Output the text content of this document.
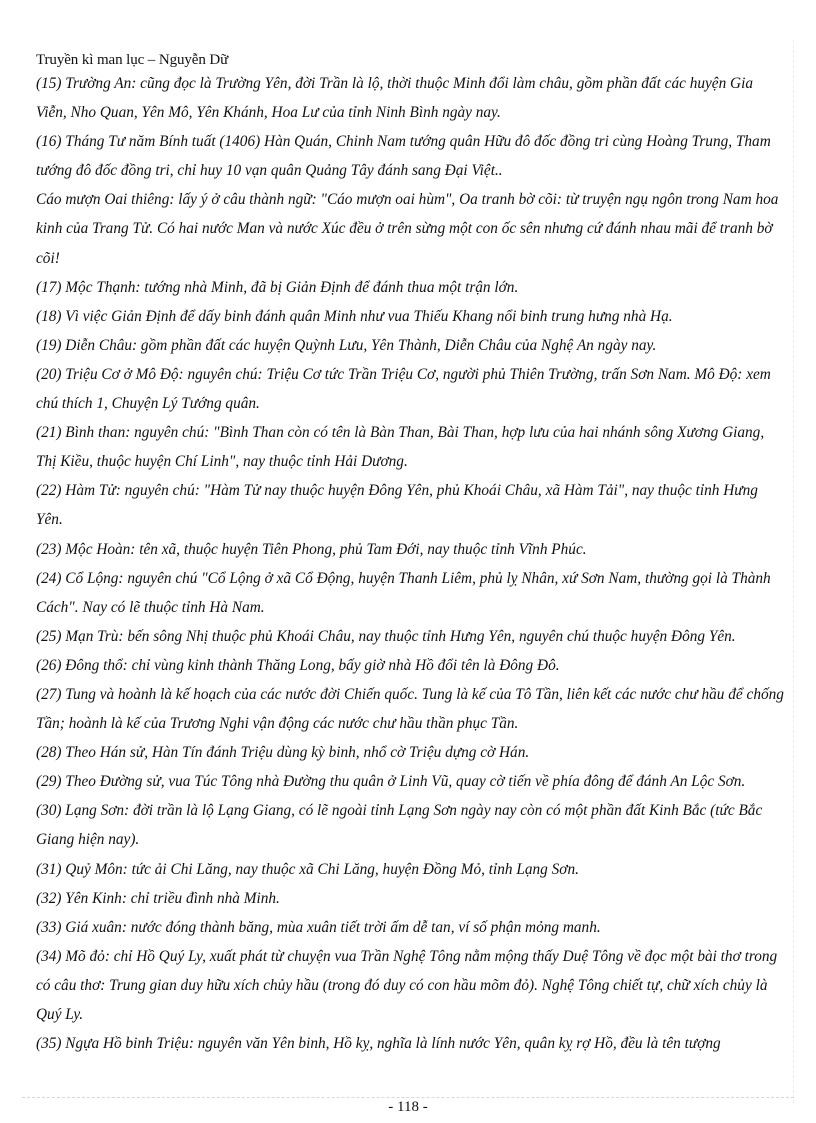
Truyền kì man lục – Nguyễn Dữ

(15) Trường An: cũng đọc là Trường Yên, đời Trần là lộ, thời thuộc Minh đổi làm châu, gồm phần đất các huyện Gia Viễn, Nho Quan, Yên Mô, Yên Khánh, Hoa Lư của tỉnh Ninh Bình ngày nay.

(16) Tháng Tư năm Bính tuất (1406) Hàn Quán, Chinh Nam tướng quân Hữu đô đốc đồng tri cùng Hoàng Trung, Tham tướng đô đốc đồng tri, chỉ huy 10 vạn quân Quảng Tây đánh sang Đại Việt..

Cáo mượn Oai thiêng: lấy ý ở câu thành ngữ: "Cáo mượn oai hùm", Oa tranh bờ cõi: từ truyện ngụ ngôn trong Nam hoa kinh của Trang Tử. Có hai nước Man và nước Xúc đều ở trên sừng một con ốc sên nhưng cứ đánh nhau mãi để tranh bờ cõi!

(17) Mộc Thạnh: tướng nhà Minh, đã bị Giản Định để đánh thua một trận lớn.

(18) Vì việc Giản Định để dấy binh đánh quân Minh như vua Thiếu Khang nổi binh trung hưng nhà Hạ.

(19) Diễn Châu: gồm phần đất các huyện Quỳnh Lưu, Yên Thành, Diễn Châu của Nghệ An ngày nay.

(20) Triệu Cơ ở Mô Độ: nguyên chú: Triệu Cơ tức Trần Triệu Cơ, người phủ Thiên Trường, trấn Sơn Nam. Mô Độ: xem chú thích 1, Chuyện Lý Tướng quân.

(21) Bình than: nguyên chú: "Bình Than còn có tên là Bàn Than, Bài Than, hợp lưu của hai nhánh sông Xương Giang, Thị Kiều, thuộc huyện Chí Linh", nay thuộc tỉnh Hải Dương.

(22) Hàm Tử: nguyên chú: "Hàm Tử nay thuộc huyện Đông Yên, phủ Khoái Châu, xã Hàm Tải", nay thuộc tỉnh Hưng Yên.

(23) Mộc Hoàn: tên xã, thuộc huyện Tiên Phong, phủ Tam Đới, nay thuộc tỉnh Vĩnh Phúc.

(24) Cổ Lộng: nguyên chú "Cổ Lộng ở xã Cổ Động, huyện Thanh Liêm, phủ lỵ Nhân, xứ Sơn Nam, thường gọi là Thành Cách". Nay có lẽ thuộc tỉnh Hà Nam.

(25) Mạn Trù: bến sông Nhị thuộc phủ Khoái Châu, nay thuộc tỉnh Hưng Yên, nguyên chú thuộc huyện Đông Yên.

(26) Đông thổ: chỉ vùng kinh thành Thăng Long, bấy giờ nhà Hồ đổi tên là Đông Đô.

(27) Tung và hoành là kế hoạch của các nước đời Chiến quốc. Tung là kế của Tô Tần, liên kết các nước chư hầu để chống Tần; hoành là kế của Trương Nghi vận động các nước chư hầu thần phục Tần.

(28) Theo Hán sử, Hàn Tín đánh Triệu dùng kỳ binh, nhổ cờ Triệu dựng cờ Hán.

(29) Theo Đường sử, vua Túc Tông nhà Đường thu quân ở Linh Vũ, quay cờ tiến về phía đông để đánh An Lộc Sơn.

(30) Lạng Sơn: đời trần là lộ Lạng Giang, có lẽ ngoài tỉnh Lạng Sơn ngày nay còn có một phần đất Kinh Bắc (tức Bắc Giang hiện nay).

(31) Quỷ Môn: tức ải Chi Lăng, nay thuộc xã Chi Lăng, huyện Đồng Mỏ, tỉnh Lạng Sơn.

(32) Yên Kinh: chỉ triều đình nhà Minh.

(33) Giá xuân: nước đóng thành băng, mùa xuân tiết trời ấm dễ tan, ví số phận mỏng manh.

(34) Mõ đỏ: chỉ Hồ Quý Ly, xuất phát từ chuyện vua Trần Nghệ Tông nằm mộng thấy Duệ Tông về đọc một bài thơ trong có câu thơ: Trung gian duy hữu xích chủy hầu (trong đó duy có con hầu mõm đỏ). Nghệ Tông chiết tự, chữ xích chủy là Quý Ly.

(35) Ngựa Hồ binh Triệu: nguyên văn Yên binh, Hồ kỵ, nghĩa là lính nước Yên, quân kỵ rợ Hồ, đều là tên tượng

- 118 -
